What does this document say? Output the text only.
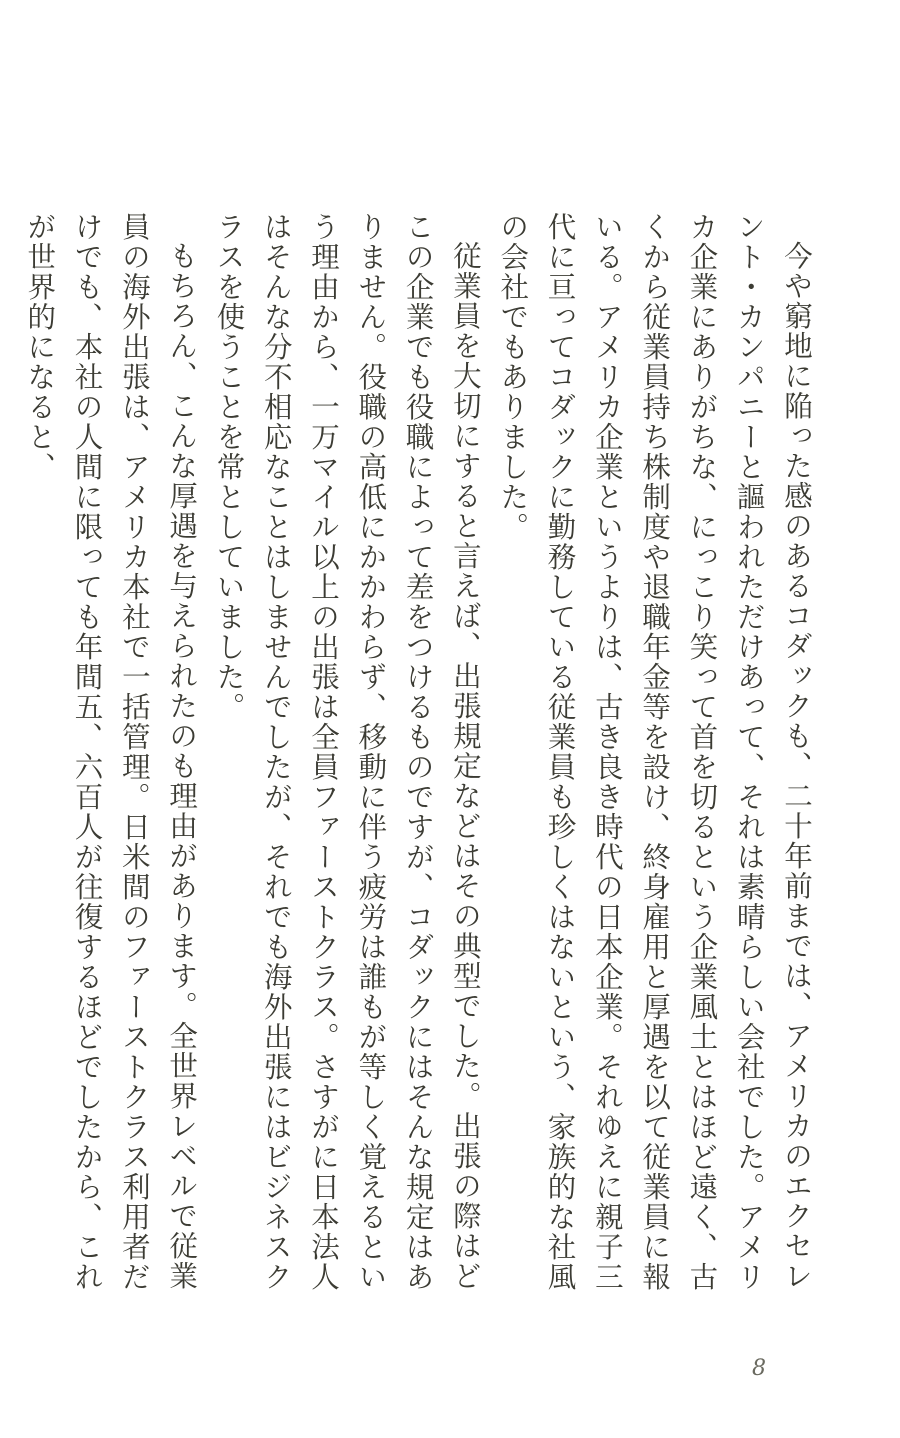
今や窮地に陥った感のあるコダックも、二十年前までは、アメリカのエクセレント・カンパニーと謳われただけあって、それは素晴らしい会社でした。アメリカ企業にありがちな、にっこり笑って首を切るという企業風土とはほど遠く、古くから従業員持ち株制度や退職年金等を設け、終身雇用と厚遇を以て従業員に報いる。アメリカ企業というよりは、古き良き時代の日本企業。それゆえに親子三代に亘ってコダックに勤務している従業員も珍しくはないという、家族的な社風の会社でもありました。

従業員を大切にすると言えば、出張規定などはその典型でした。出張の際はどこの企業でも役職によって差をつけるものですが、コダックにはそんな規定はありません。役職の高低にかかわらず、移動に伴う疲労は誰もが等しく覚えるという理由から、一万マイル以上の出張は全員ファーストクラス。さすがに日本法人はそんな分不相応なことはしませんでしたが、それでも海外出張にはビジネスクラスを使うことを常としていました。

もちろん、こんな厚遇を与えられたのも理由があります。全世界レベルで従業員の海外出張は、アメリカ本社で一括管理。日米間のファーストクラス利用者だけでも、本社の人間に限っても年間五、六百人が往復するほどでしたから、これが世界的になると、

8
